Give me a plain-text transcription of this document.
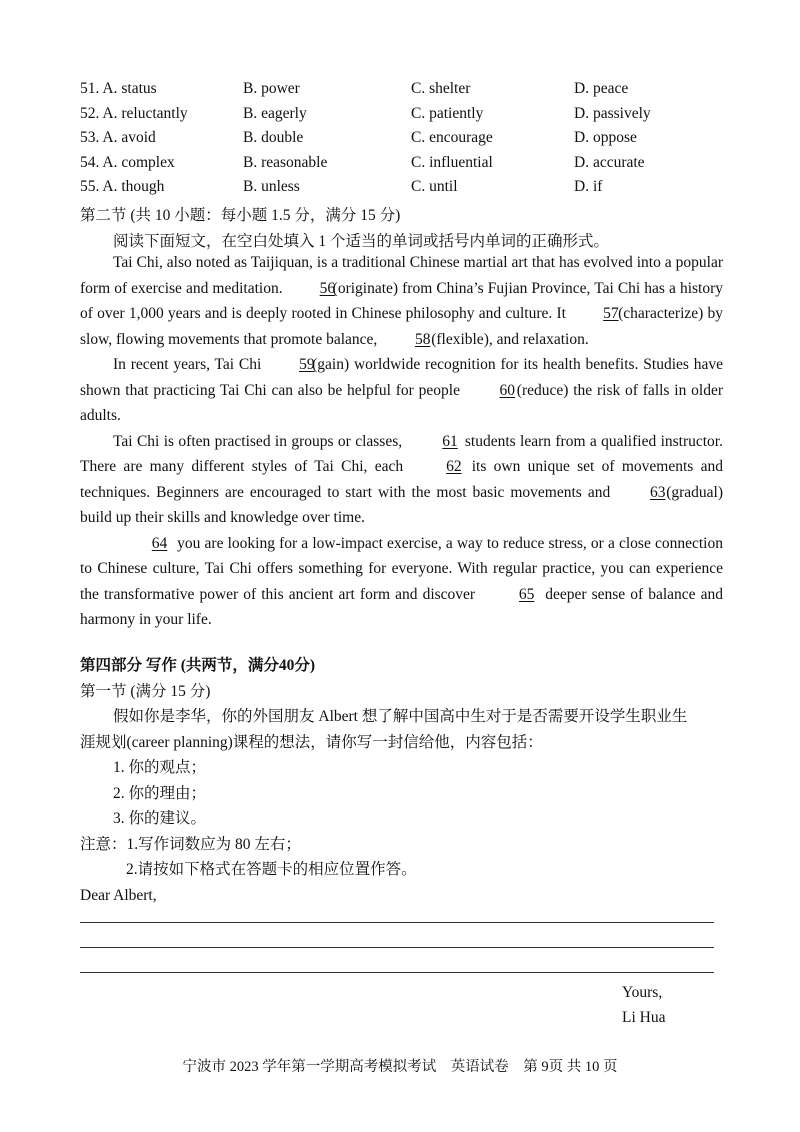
51. A. status	B. power	C. shelter	D. peace
52. A. reluctantly	B. eagerly	C. patiently	D. passively
53. A. avoid	B. double	C. encourage	D. oppose
54. A. complex	B. reasonable	C. influential	D. accurate
55. A. though	B. unless	C. until	D. if
第二节 (共 10 小题：每小题 1.5 分，满分 15 分)
阅读下面短文，在空白处填入 1 个适当的单词或括号内单词的正确形式。

Tai Chi, also noted as Taijiquan, is a traditional Chinese martial art that has evolved into a popular form of exercise and meditation. 56(originate) from China’s Fujian Province, Tai Chi has a history of over 1,000 years and is deeply rooted in Chinese philosophy and culture. It 57(characterize) by slow, flowing movements that promote balance, 58(flexible), and relaxation.

In recent years, Tai Chi 59(gain) worldwide recognition for its health benefits. Studies have shown that practicing Tai Chi can also be helpful for people 60 (reduce) the risk of falls in older adults.

Tai Chi is often practised in groups or classes, 61 students learn from a qualified instructor. There are many different styles of Tai Chi, each 62 its own unique set of movements and techniques. Beginners are encouraged to start with the most basic movements and 63(gradual) build up their skills and knowledge over time.

64 you are looking for a low-impact exercise, a way to reduce stress, or a close connection to Chinese culture, Tai Chi offers something for everyone. With regular practice, you can experience the transformative power of this ancient art form and discover	65 deeper sense of balance and harmony in your life.

第四部分 写作 (共两节，满分40分)
第一节 (满分 15 分)
假如你是李华，你的外国朋友 Albert 想了解中国高中生对于是否需要开设学生职业生
涯规划(career planning)课程的想法，请你写一封信给他，内容包括：
1. 你的观点；
2. 你的理由；
3. 你的建议。
注意：1.写作词数应为 80 左右；
2.请按如下格式在答题卡的相应位置作答。
Dear Albert,
Yours,
Li Hua
宁波市 2023 学年第一学期高考模拟考试　英语试卷　第 9页 共 10 页
